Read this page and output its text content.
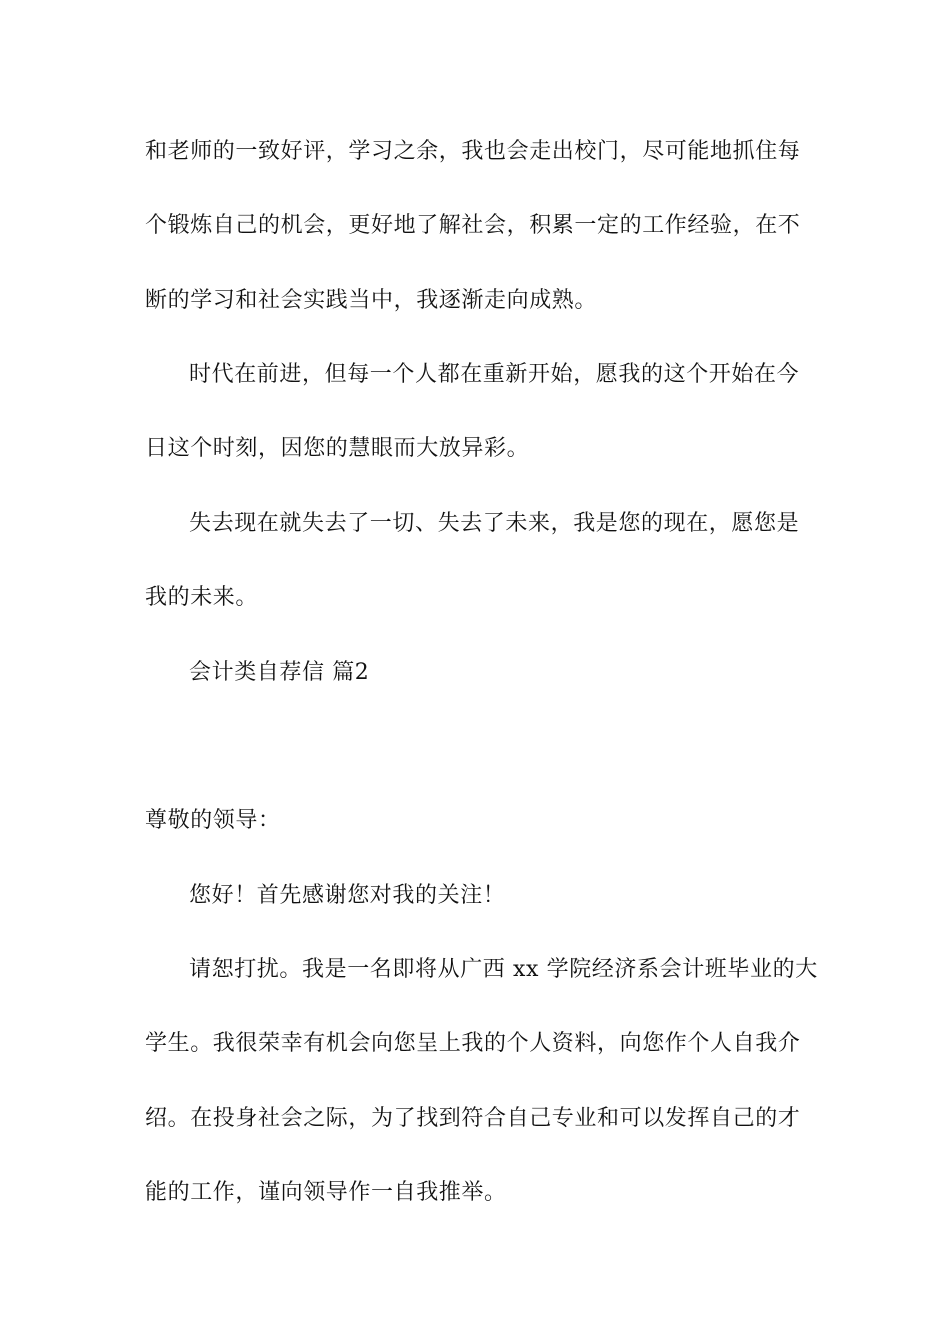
和老师的一致好评，学习之余，我也会走出校门，尽可能地抓住每

个锻炼自己的机会，更好地了解社会，积累一定的工作经验，在不

断的学习和社会实践当中，我逐渐走向成熟。

时代在前进，但每一个人都在重新开始，愿我的这个开始在今

日这个时刻，因您的慧眼而大放异彩。

失去现在就失去了一切、失去了未来，我是您的现在，愿您是

我的未来。

会计类自荐信 篇2

尊敬的领导：

您好！首先感谢您对我的关注！

请恕打扰。我是一名即将从广西 xx 学院经济系会计班毕业的大

学生。我很荣幸有机会向您呈上我的个人资料，向您作个人自我介

绍。在投身社会之际，为了找到符合自己专业和可以发挥自己的才

能的工作，谨向领导作一自我推举。
